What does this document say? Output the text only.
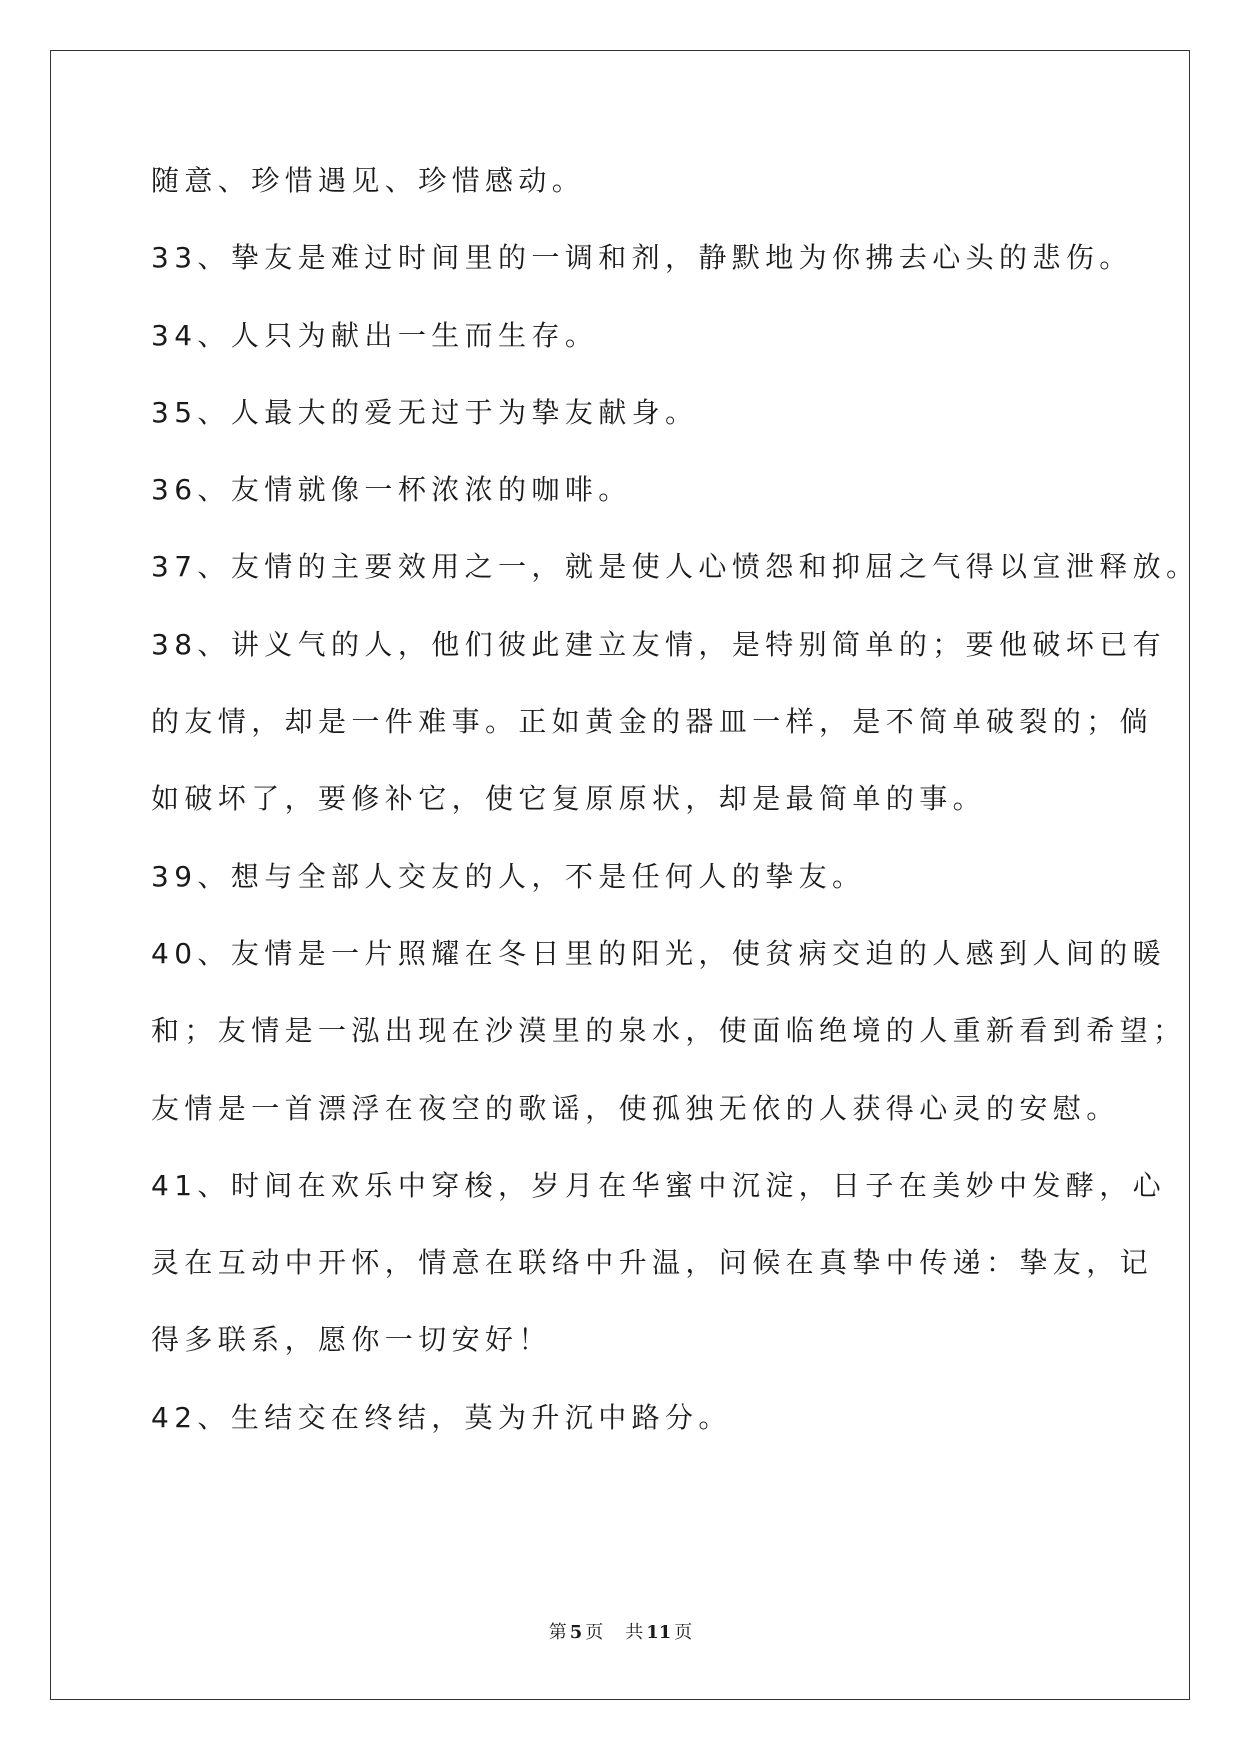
随意、珍惜遇见、珍惜感动。
33、挚友是难过时间里的一调和剂，静默地为你拂去心头的悲伤。
34、人只为献出一生而生存。
35、人最大的爱无过于为挚友献身。
36、友情就像一杯浓浓的咖啡。
37、友情的主要效用之一，就是使人心愤怨和抑屈之气得以宣泄释放。
38、讲义气的人，他们彼此建立友情，是特别简单的；要他破坏已有
的友情，却是一件难事。正如黄金的器皿一样，是不简单破裂的；倘
如破坏了，要修补它，使它复原原状，却是最简单的事。
39、想与全部人交友的人，不是任何人的挚友。
40、友情是一片照耀在冬日里的阳光，使贫病交迫的人感到人间的暖
和；友情是一泓出现在沙漠里的泉水，使面临绝境的人重新看到希望；
友情是一首漂浮在夜空的歌谣，使孤独无依的人获得心灵的安慰。
41、时间在欢乐中穿梭，岁月在华蜜中沉淀，日子在美妙中发酵，心
灵在互动中开怀，情意在联络中升温，问候在真挚中传递：挚友，记
得多联系，愿你一切安好！
42、生结交在终结，莫为升沉中路分。
第 5 页 共 11 页
